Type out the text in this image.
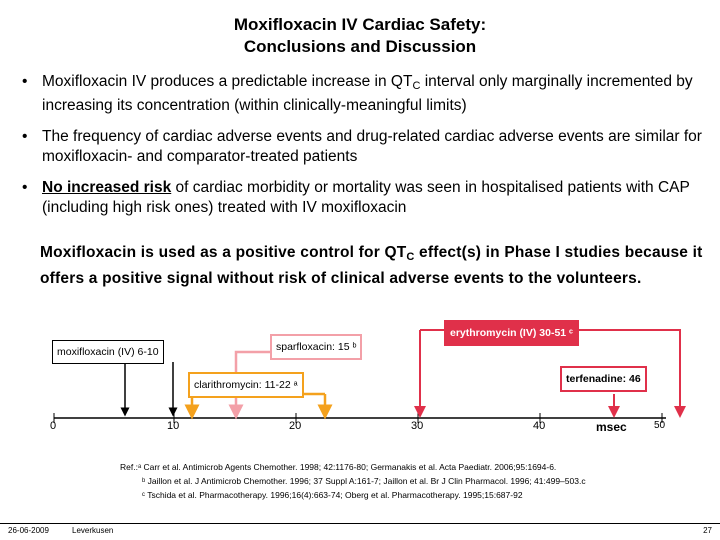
Moxifloxacin IV Cardiac Safety:
Conclusions and Discussion
• Moxifloxacin IV produces a predictable increase in $QT_C$ interval only marginally incremented by increasing its concentration (within clinically-meaningful limits)
• The frequency of cardiac adverse events and drug-related cardiac adverse events are similar for moxifloxacin- and comparator-treated patients
• No increased risk of cardiac morbidity or mortality was seen in hospitalised patients with CAP (including high risk ones) treated with IV moxifloxacin
Moxifloxacin is used as a positive control for $QT_C$ effect(s) in Phase I studies because it offers a positive signal without risk of clinical adverse events to the volunteers.
moxifloxacin (IV) 6-10	sparfloxacin: 15 ᵇ
erythromycin (IV) 30-51 ᶜ
clarithromycin: 11-22 ᵃ	terfenadine: 46
0	10	20	30	40	msec	50
Ref.:ᵃ Carr et al. Antimicrob Agents Chemother. 1998; 42:1176-80; Germanakis et al. Acta Paediatr. 2006;95:1694-6.
ᵇ Jaillon et al. J Antimicrob Chemother. 1996; 37 Suppl A:161-7; Jaillon et al. Br J Clin Pharmacol. 1996; 41:499–503.c
ᶜ Tschida et al. Pharmacotherapy. 1996;16(4):663-74; Oberg et al. Pharmacotherapy. 1995;15:687-92
26-06-2009	Leverkusen	27
